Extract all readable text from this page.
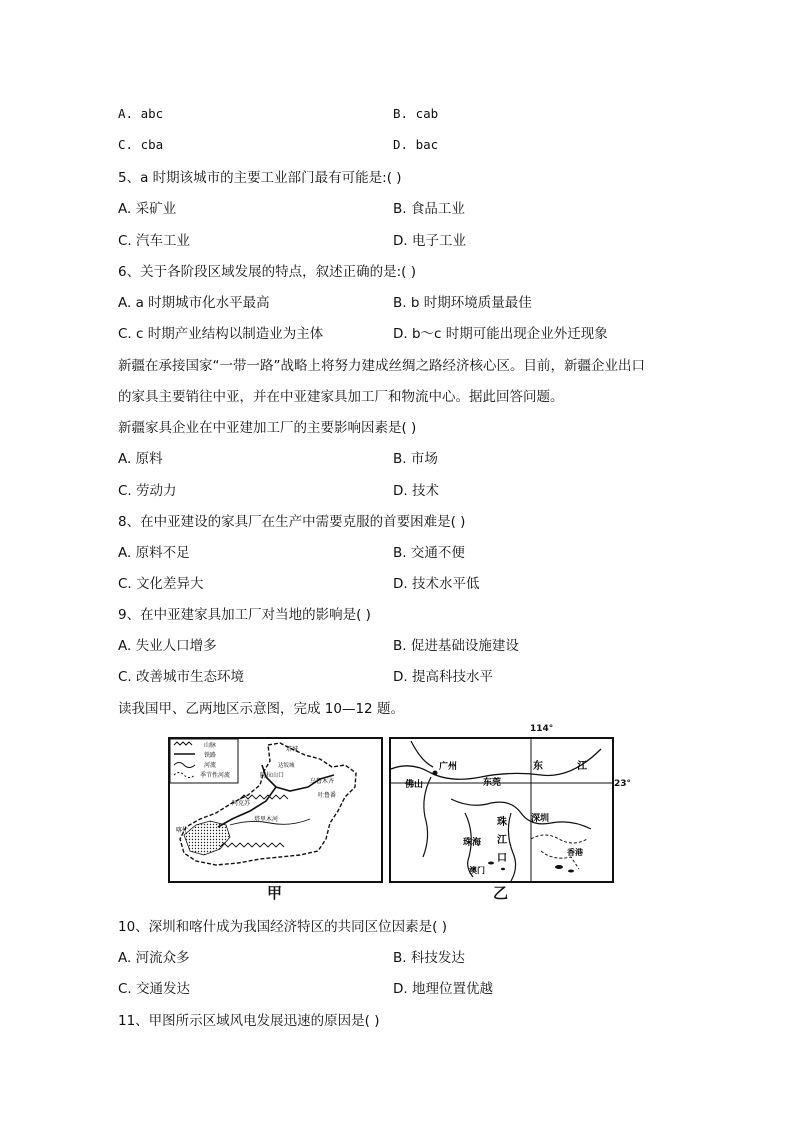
A. abc	B. cab
C. cba	D. bac
5、a 时期该城市的主要工业部门最有可能是:( )
A. 采矿业	B. 食品工业
C. 汽车工业	D. 电子工业
6、关于各阶段区域发展的特点，叙述正确的是:( )
A. a 时期城市化水平最高	B. b 时期环境质量最佳
C. c 时期产业结构以制造业为主体	D. b～c 时期可能出现企业外迁现象
新疆在承接国家“一带一路”战略上将努力建成丝绸之路经济核心区。目前，新疆企业出口
的家具主要销往中亚，并在中亚建家具加工厂和物流中心。据此回答问题。
新疆家具企业在中亚建加工厂的主要影响因素是( )
A. 原料	B. 市场
C. 劳动力	D. 技术
8、在中亚建设的家具厂在生产中需要克服的首要困难是( )
A. 原料不足	B. 交通不便
C. 文化差异大	D. 技术水平低
9、在中亚建家具加工厂对当地的影响是( )
A. 失业人口增多	B. 促进基础设施建设
C. 改善城市生态环境	D. 提高科技水平
读我国甲、乙两地区示意图，完成 10—12 题。
山脉
铁路
河流
季节性河流
塔城
达坂城
阿拉山口
乌鲁木齐
吐鲁番
阿克苏
喀什
塔里木河
甲
广州
东莞
佛山
东	江
珠
江
口
深圳
珠海
香港
澳门
114°
23°
乙
10、深圳和喀什成为我国经济特区的共同区位因素是( )
A. 河流众多	B. 科技发达
C. 交通发达	D. 地理位置优越
11、甲图所示区域风电发展迅速的原因是( )
